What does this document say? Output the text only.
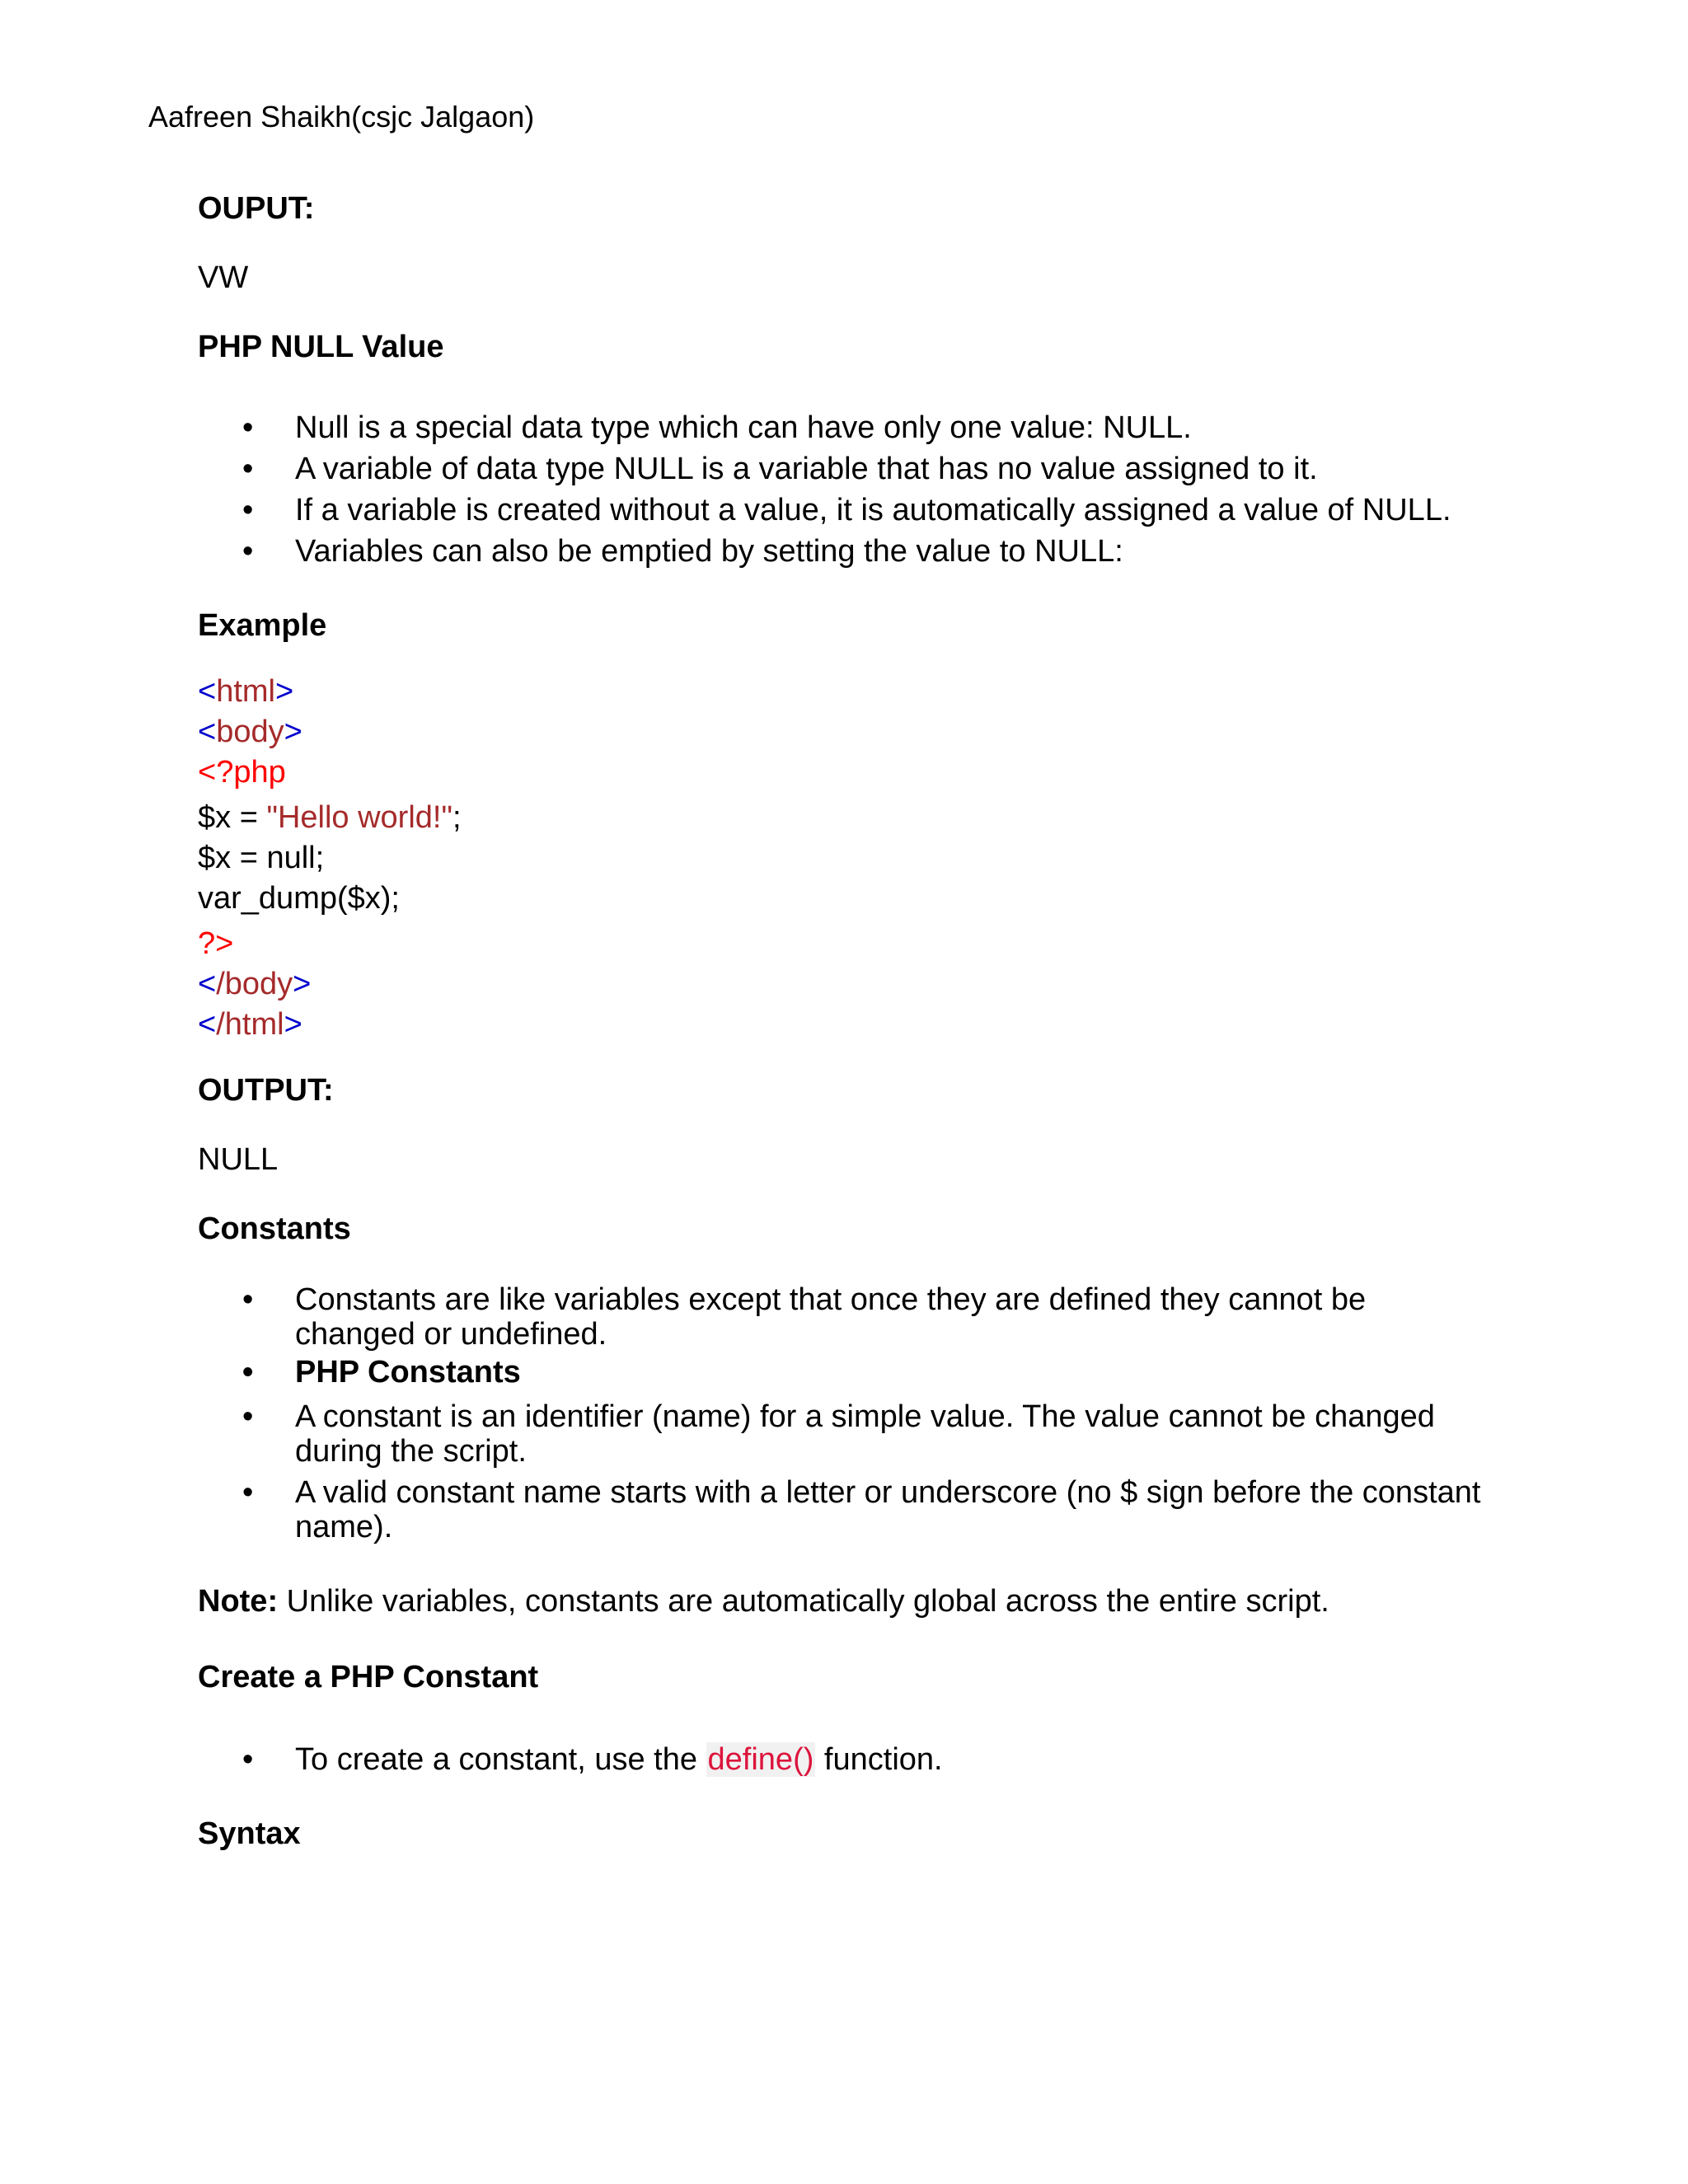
Aafreen Shaikh(csjc Jalgaon)
OUPUT:
VW
PHP NULL Value
• Null is a special data type which can have only one value: NULL.
• A variable of data type NULL is a variable that has no value assigned to it.
• If a variable is created without a value, it is automatically assigned a value of NULL.
• Variables can also be emptied by setting the value to NULL:
Example
<html>
<body>
<?php
$x = "Hello world!";
$x = null;
var_dump($x);
?>
</body>
</html>
OUTPUT:
NULL
Constants
• Constants are like variables except that once they are defined they cannot be changed or undefined.
• PHP Constants
• A constant is an identifier (name) for a simple value. The value cannot be changed during the script.
• A valid constant name starts with a letter or underscore (no $ sign before the constant name).
Note: Unlike variables, constants are automatically global across the entire script.
Create a PHP Constant
• To create a constant, use the define() function.
Syntax
